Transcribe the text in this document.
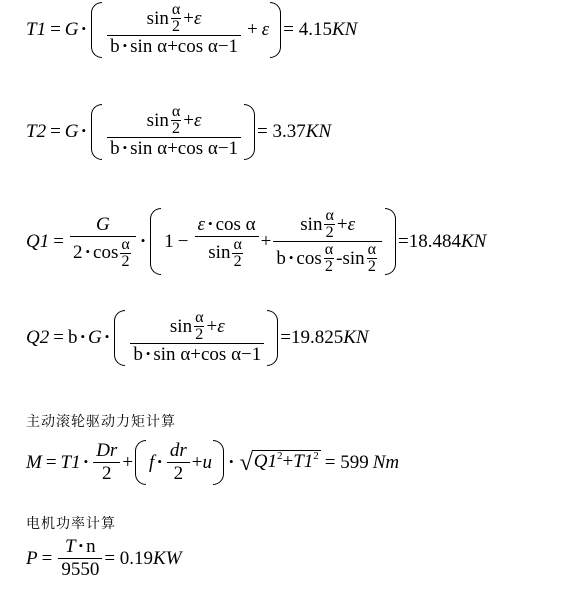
T1 = G •	$\sin \frac{\alpha}{2} + \varepsilon$
b • sin
α + cos
α −1
+ ε = 4.15 KN
T2 = G •	$\sin \frac{\alpha}{2} + \varepsilon$
b • sin
α + cos
α −1
= 3.37 KN
$Q1 = \frac{G}{2 • \cos \frac{\alpha}{2}}$ • 1 − ε • cos
α
$\sin \frac{\alpha}{2}$ +
$\sin \frac{\alpha}{2} + \varepsilon$
b • $\cos \frac{\alpha}{2}$ - $\sin \frac{\alpha}{2}$
=18.484 KN
Q2 = b • G •	$\sin \frac{\alpha}{2} + \varepsilon$
b • sin
α + cos
α −1
=19.825 KN
主动滚轮驱动力矩计算
M = T1 • $\frac{Dr}{2} + f$ • $\frac{dr}{2} + u$ • √ $Q1^2 + T1^2 = 599$ Nm
电机功率计算
$P = \frac{T • n}{9550} = 0.19$ KW
